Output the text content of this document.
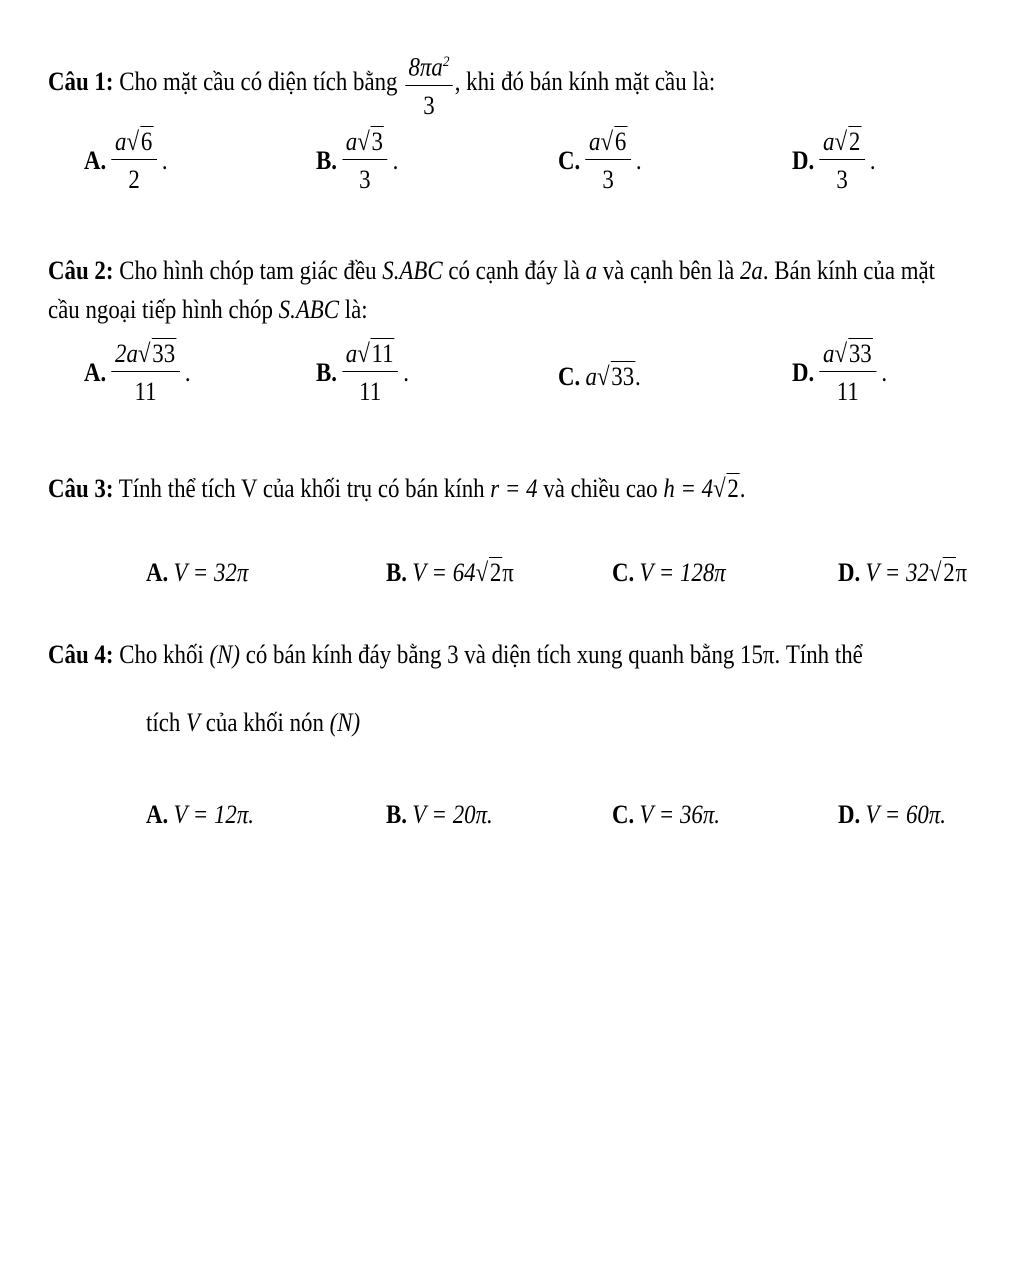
Câu 1: Cho mặt cầu có diện tích bằng $\frac{8\pi a^2}{3}$ , khi đó bán kính mặt cầu là:
A. $\frac{a√6}{2}$ .	B. $\frac{a√3}{3}$ .	C. $\frac{a√6}{3}$ .	D. $\frac{a√2}{3}$ .
Câu 2: Cho hình chóp tam giác đều S.ABC có cạnh đáy là a và cạnh bên là 2a. Bán kính của mặt
cầu ngoại tiếp hình chóp S.ABC là:
A. $\frac{2a√33}{11}$ .	B. $\frac{a√11}{11}$ .	C. a√33.	D. $\frac{a√33}{11}$ .
Câu 3: Tính thể tích V của khối trụ có bán kính r = 4 và chiều cao h = 4√2.
A. V = 32π	B. V = 64√2π	C. V = 128π	D. V = 32√2π
Câu 4: Cho khối (N) có bán kính đáy bằng 3 và diện tích xung quanh bằng 15π. Tính thể
tích V của khối nón (N)
A. V = 12π.	B. V = 20π.	C. V = 36π.	D. V = 60π.
